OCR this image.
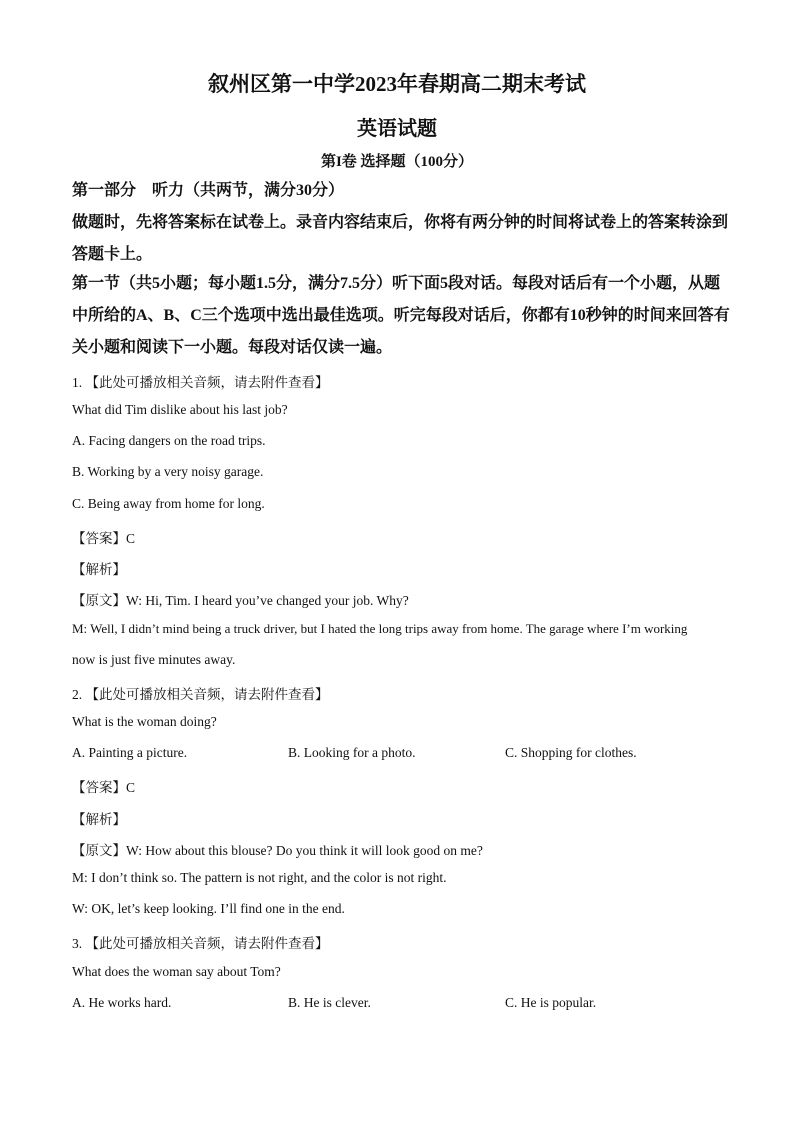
叙州区第一中学2023年春期高二期末考试
英语试题
第I卷 选择题（100分）
第一部分　听力（共两节，满分30分）
做题时，先将答案标在试卷上。录音内容结束后，你将有两分钟的时间将试卷上的答案转涂到答题卡上。
第一节（共5小题；每小题1.5分，满分7.5分）听下面5段对话。每段对话后有一个小题，从题中所给的A、B、C三个选项中选出最佳选项。听完每段对话后，你都有10秒钟的时间来回答有关小题和阅读下一小题。每段对话仅读一遍。
1. 【此处可播放相关音频，请去附件查看】
What did Tim dislike about his last job?
A. Facing dangers on the road trips.
B. Working by a very noisy garage.
C. Being away from home for long.
【答案】C
【解析】
【原文】W: Hi, Tim. I heard you’ve changed your job. Why?
M: Well, I didn’t mind being a truck driver, but I hated the long trips away from home. The garage where I’m working
now is just five minutes away.
2. 【此处可播放相关音频，请去附件查看】
What is the woman doing?
A. Painting a picture.	B. Looking for a photo.	C. Shopping for clothes.
【答案】C
【解析】
【原文】W: How about this blouse? Do you think it will look good on me?
M: I don’t think so. The pattern is not right, and the color is not right.
W: OK, let’s keep looking. I’ll find one in the end.
3. 【此处可播放相关音频，请去附件查看】
What does the woman say about Tom?
A. He works hard.	B. He is clever.	C. He is popular.
